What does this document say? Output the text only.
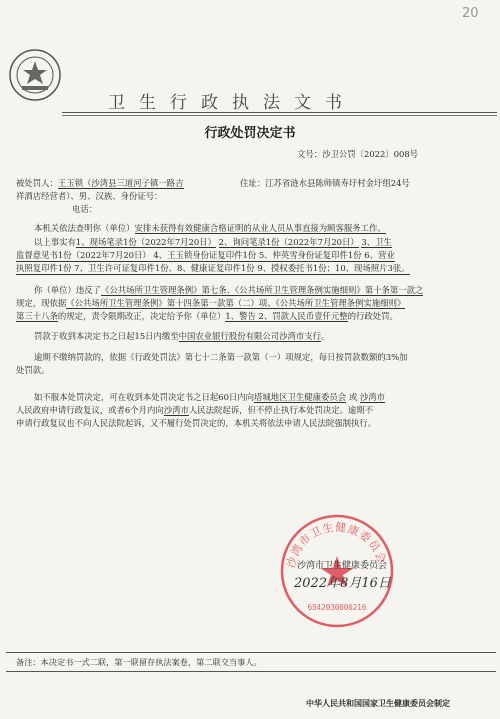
20
卫生行政执法文书
行政处罚决定书
文号：沙卫公罚〔2022〕008号
被处罚人：王玉锁（沙湾县三道河子镇一路吉	住址：江苏省涟水县陈师镇寿圩村金圩组24号
祥酒店经营者）、男、汉族、身份证号：
电话：
本机关依法查明你（单位）安排未获得有效健康合格证明的从业人员从事直接为顾客服务工作。
以上事实有1、现场笔录1份（2022年7月20日） 2、询问笔录1份（2022年7月20日） 3、卫生
监督意见书1份（2022年7月20日） 4、王玉锁身份证复印件1份 5、仲英雪身份证复印件1份 6、营业
执照复印件1份 7、卫生许可证复印件1份、8、健康证复印件1份 9、授权委托书1份；10、现场照片3张。
你（单位）违反了《公共场所卫生管理条例》第七条、《公共场所卫生管理条例实施细则》第十条第一款之
规定，现依据《公共场所卫生管理条例》第十四条第一款第（二）项、《公共场所卫生管理条例实施细则》
第三十八条的规定，责令限期改正，决定给予你（单位）1、警告 2、罚款人民币壹仟元整的行政处罚。
罚款于收到本决定书之日起15日内缴至中国农业银行股份有限公司沙湾市支行。
逾期不缴纳罚款的，依据《行政处罚法》第七十二条第一款第（一）项规定，每日按罚款数额的3%加
处罚款。
如不服本处罚决定，可在收到本处罚决定书之日起60日内向塔城地区卫生健康委员会 或 沙湾市
人民政府申请行政复议，或者6个月内向沙湾市人民法院起诉，但不停止执行本处罚决定。逾期不
申请行政复议也不向人民法院起诉，又不履行处罚决定的，本机关将依法申请人民法院强制执行。
沙湾市卫生健康委员会
6542030000216
沙湾市卫生健康委员会
2022年8月16日
备注：本决定书一式二联，第一联留存执法案卷，第二联交当事人。
中华人民共和国国家卫生健康委员会制定
